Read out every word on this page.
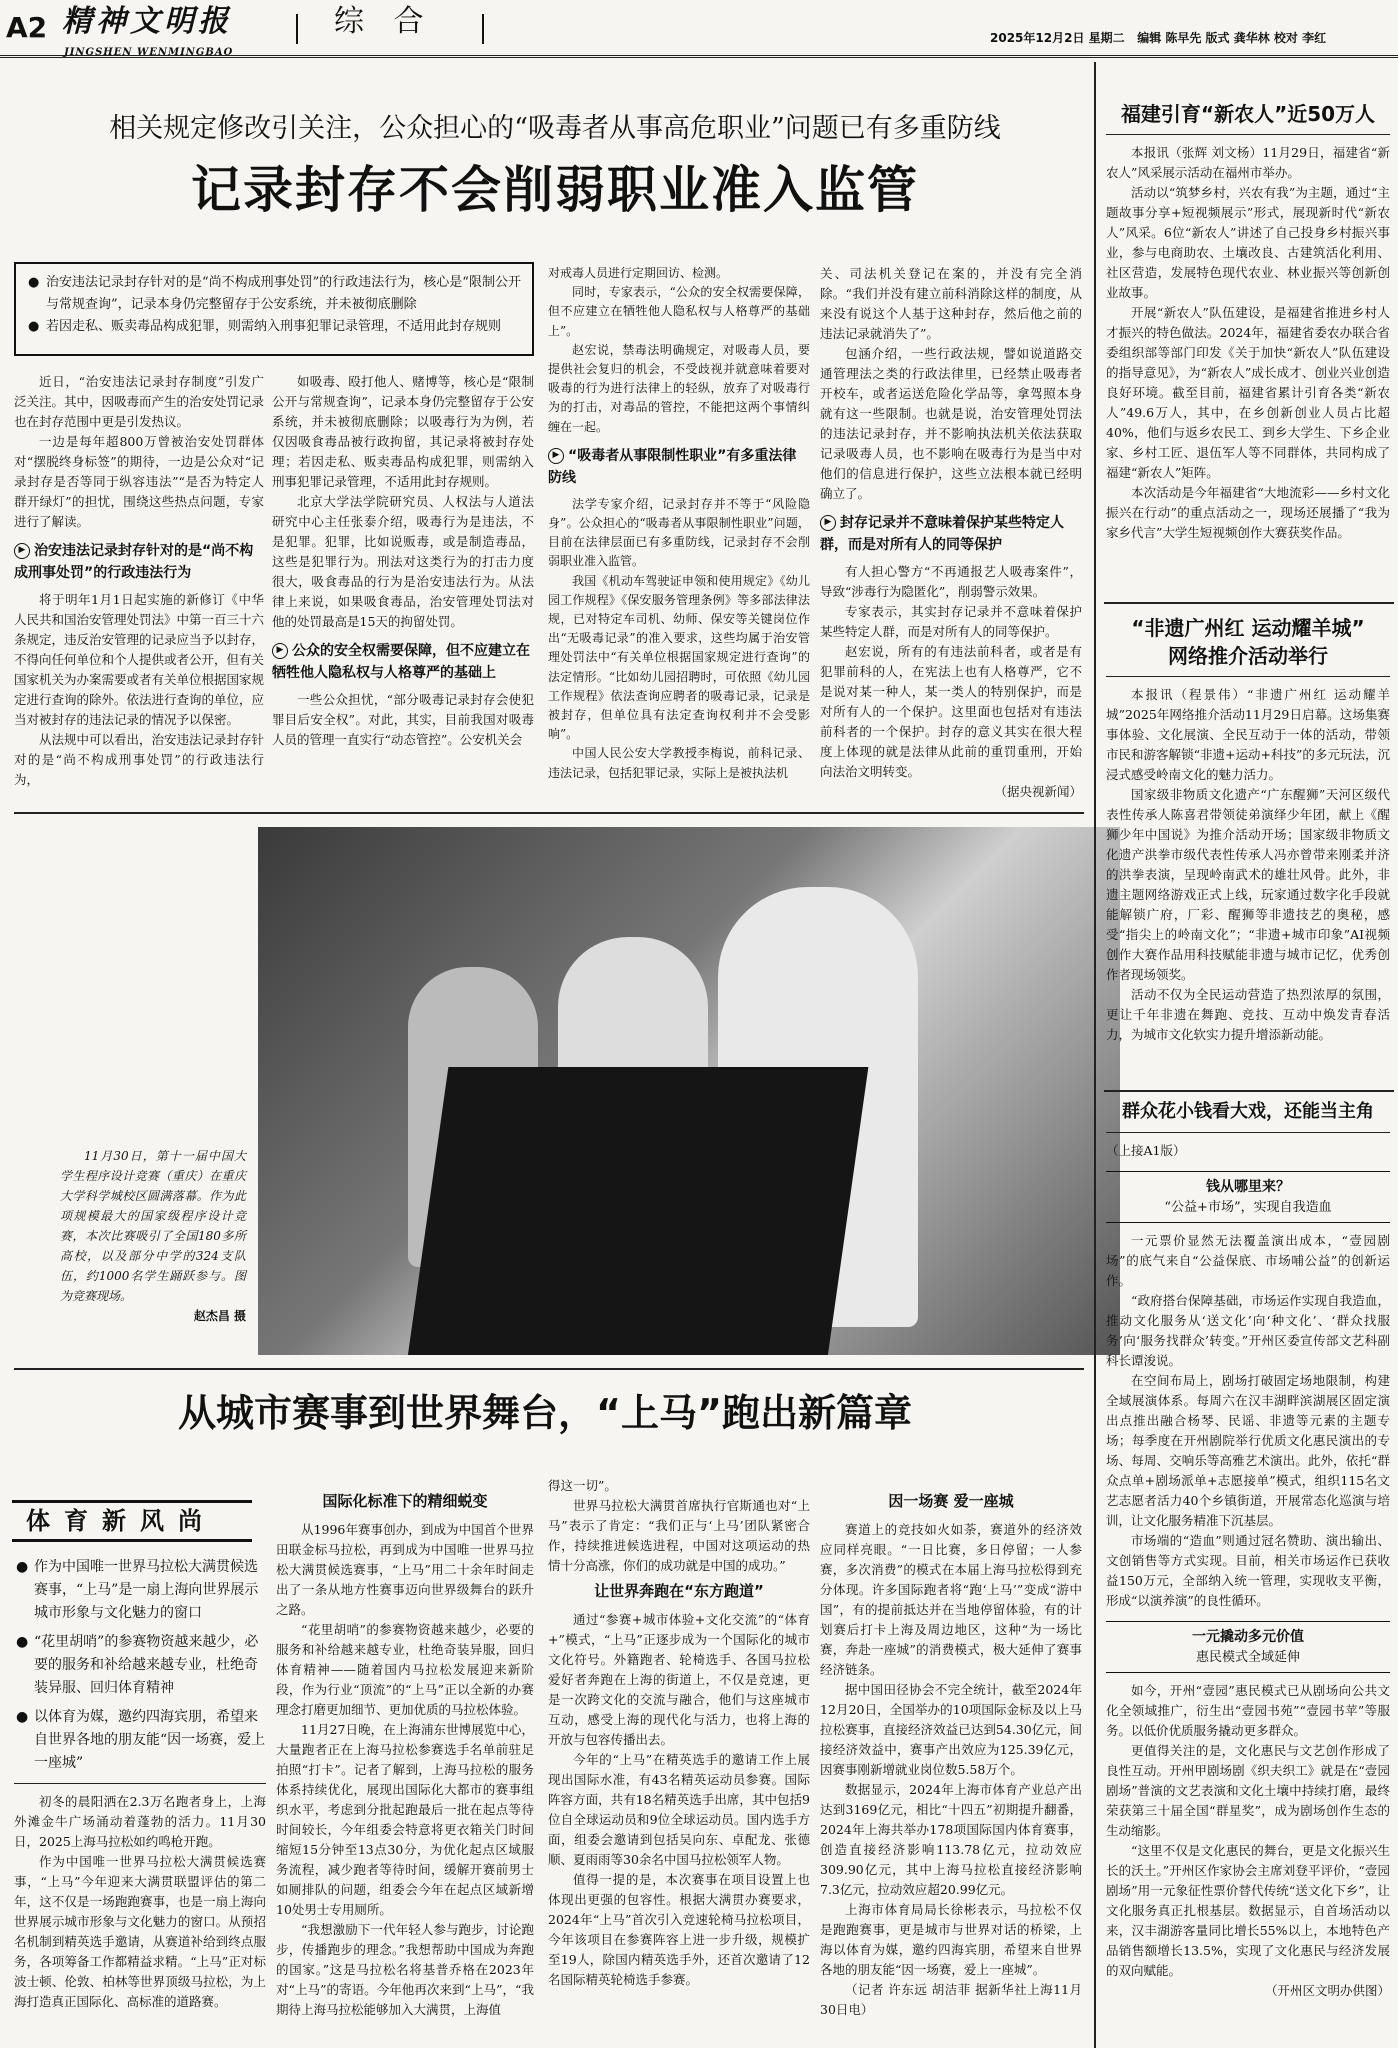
A2 精神文明报
JINGSHEN WENMINGBAO
综 合	2025年12月2日 星期二 编辑 陈早先 版式 龚华林 校对 李红
相关规定修改引关注，公众担心的“吸毒者从事高危职业”问题已有多重防线
记录封存不会削弱职业准入监管
● 治安违法记录封存针对的是“尚不构成刑事处罚”的行政违法行为，核心是“限制公开与常规查询”，记录本身仍完整留存于公安系统，并未被彻底删除
● 若因走私、贩卖毒品构成犯罪，则需纳入刑事犯罪记录管理，不适用此封存规则

近日，“治安违法记录封存制度”引发广泛关注。其中，因吸毒而产生的治安处罚记录也在封存范围中更是引发热议。

一边是每年超800万曾被治安处罚群体对“摆脱终身标签”的期待，一边是公众对“记录封存是否等同于纵容违法”“是否为特定人群开绿灯”的担忧，围绕这些热点问题，专家进行了解读。

▶ 治安违法记录封存针对的是“尚不构成刑事处罚”的行政违法行为

将于明年1月1日起实施的新修订《中华人民共和国治安管理处罚法》中第一百三十六条规定，违反治安管理的记录应当予以封存，不得向任何单位和个人提供或者公开，但有关国家机关为办案需要或者有关单位根据国家规定进行查询的除外。依法进行查询的单位，应当对被封存的违法记录的情况予以保密。

从法规中可以看出，治安违法记录封存针对的是“尚不构成刑事处罚”的行政违法行为，

如吸毒、殴打他人、赌博等，核心是“限制公开与常规查询”，记录本身仍完整留存于公安系统，并未被彻底删除；以吸毒行为为例，若仅因吸食毒品被行政拘留，其记录将被封存处理；若因走私、贩卖毒品构成犯罪，则需纳入刑事犯罪记录管理，不适用此封存规则。

北京大学法学院研究员、人权法与人道法研究中心主任张泰介绍，吸毒行为是违法，不是犯罪。犯罪，比如说贩毒，或是制造毒品，这些是犯罪行为。刑法对这类行为的打击力度很大，吸食毒品的行为是治安违法行为。从法律上来说，如果吸食毒品，治安管理处罚法对他的处罚最高是15天的拘留处罚。

▶ 公众的安全权需要保障，但不应建立在牺牲他人隐私权与人格尊严的基础上

一些公众担忧，“部分吸毒记录封存会使犯罪目后安全权”。对此，其实，目前我国对吸毒人员的管理一直实行“动态管控”。公安机关会

对戒毒人员进行定期回访、检测。

同时，专家表示，“公众的安全权需要保障，但不应建立在牺牲他人隐私权与人格尊严的基础上”。

赵宏说，禁毒法明确规定，对吸毒人员，要提供社会复归的机会，不受歧视并就意味着要对吸毒的行为进行法律上的轻纵，放弃了对吸毒行为的打击，对毒品的管控，不能把这两个事情纠缠在一起。

▶ “吸毒者从事限制性职业”有多重法律防线

法学专家介绍，记录封存并不等于“风险隐身”。公众担心的“吸毒者从事限制性职业”问题，目前在法律层面已有多重防线，记录封存不会削弱职业准入监管。

我国《机动车驾驶证申领和使用规定》《幼儿园工作规程》《保安服务管理条例》等多部法律法规，已对特定车司机、幼师、保安等关键岗位作出“无吸毒记录”的准入要求，这些均属于治安管理处罚法中“有关单位根据国家规定进行查询”的法定情形。“比如幼儿园招聘时，可依照《幼儿园工作规程》依法查询应聘者的吸毒记录，记录是被封存，但单位具有法定查询权利并不会受影响”。

中国人民公安大学教授李梅说，前科记录、违法记录，包括犯罪记录，实际上是被执法机

关、司法机关登记在案的，并没有完全消除。“我们并没有建立前科消除这样的制度，从来没有说这个人基于这种封存，然后他之前的违法记录就消失了”。

包涵介绍，一些行政法规，譬如说道路交通管理法之类的行政法律里，已经禁止吸毒者开校车，或者运送危险化学品等，拿驾照本身就有这一些限制。也就是说，治安管理处罚法的违法记录封存，并不影响执法机关依法获取记录吸毒人员，也不影响在吸毒行为是当中对他们的信息进行保护，这些立法根本就已经明确立了。

▶ 封存记录并不意味着保护某些特定人群，而是对所有人的同等保护

有人担心警方“不再通报艺人吸毒案件”，导致“涉毒行为隐匿化”，削弱警示效果。

专家表示，其实封存记录并不意味着保护某些特定人群，而是对所有人的同等保护。

赵宏说，所有的有违法前科者，或者是有犯罪前科的人，在宪法上也有人格尊严，它不是说对某一种人，某一类人的特别保护，而是对所有人的一个保护。这里面也包括对有违法前科者的一个保护。封存的意义其实在很大程度上体现的就是法律从此前的重罚重刑，开始向法治文明转变。

（据央视新闻）

11月30日，第十一届中国大学生程序设计竞赛（重庆）在重庆大学科学城校区圆满落幕。作为此项规模最大的国家级程序设计竞赛，本次比赛吸引了全国180多所高校，以及部分中学的324支队伍，约1000名学生踊跃参与。图为竞赛现场。
赵杰昌 摄
从城市赛事到世界舞台，“上马”跑出新篇章
体育新风尚
● 作为中国唯一世界马拉松大满贯候选赛事，“上马”是一扇上海向世界展示城市形象与文化魅力的窗口
● “花里胡哨”的参赛物资越来越少，必要的服务和补给越来越专业，杜绝奇装异服、回归体育精神
● 以体育为媒，邀约四海宾朋，希望来自世界各地的朋友能“因一场赛，爱上一座城”

初冬的晨阳洒在2.3万名跑者身上，上海外滩金牛广场涌动着蓬勃的活力。11月30日，2025上海马拉松如约鸣枪开跑。

作为中国唯一世界马拉松大满贯候选赛事，“上马”今年迎来大满贯联盟评估的第二年，这不仅是一场跑跑赛事，也是一扇上海向世界展示城市形象与文化魅力的窗口。从预招名机制到精英选手邀请，从赛道补给到终点服务，各项筹备工作都精益求精。“上马”正对标波士顿、伦敦、柏林等世界顶级马拉松，为上海打造真正国际化、高标准的道路赛。

国际化标准下的精细蜕变

从1996年赛事创办，到成为中国首个世界田联金标马拉松，再到成为中国唯一世界马拉松大满贯候选赛事，“上马”用二十余年时间走出了一条从地方性赛事迈向世界级舞台的跃升之路。

“花里胡哨”的参赛物资越来越少，必要的服务和补给越来越专业，杜绝奇装异服，回归体育精神——随着国内马拉松发展迎来新阶段，作为行业“顶流”的“上马”正以全新的办赛理念打磨更加细节、更加优质的马拉松体验。

11月27日晚，在上海浦东世博展览中心，大量跑者正在上海马拉松参赛选手名单前驻足拍照“打卡”。记者了解到，上海马拉松的服务体系持续优化，展现出国际化大都市的赛事组织水平，考虑到分批起跑最后一批在起点等待时间较长，今年组委会特意将更衣箱关门时间缩短15分钟至13点30分，为优化起点区域服务流程，减少跑者等待时间，缓解开赛前男士如厕排队的问题，组委会今年在起点区域新增10处男士专用厕所。

“我想激励下一代年轻人参与跑步，讨论跑步，传播跑步的理念。”我想帮助中国成为奔跑的国家。”这是马拉松名将基普乔格在2023年对“上马”的寄语。今年他再次来到“上马”，“我期待上海马拉松能够加入大满贯，上海值

得这一切”。

世界马拉松大满贯首席执行官斯通也对“上马”表示了肯定：“我们正与‘上马’团队紧密合作，持续推进候选进程，中国对这项运动的热情十分高涨，你们的成功就是中国的成功。”

让世界奔跑在“东方跑道”

通过“参赛+城市体验+文化交流”的“体育+”模式，“上马”正逐步成为一个国际化的城市文化符号。外籍跑者、轮椅选手、各国马拉松爱好者奔跑在上海的街道上，不仅是竞速，更是一次跨文化的交流与融合，他们与这座城市互动，感受上海的现代化与活力，也将上海的开放与包容传播出去。

今年的“上马”在精英选手的邀请工作上展现出国际水准，有43名精英运动员参赛。国际阵容方面，共有18名精英选手出席，其中包括9位自全球运动员和9位全球运动员。国内选手方面，组委会邀请到包括吴向东、卓配龙、张德顺、夏雨雨等30余名中国马拉松领军人物。

值得一提的是，本次赛事在项目设置上也体现出更强的包容性。根据大满贯办赛要求，2024年“上马”首次引入竞速轮椅马拉松项目，今年该项目在参赛阵容上进一步升级，规模扩至19人，除国内精英选手外，还首次邀请了12名国际精英轮椅选手参赛。

因一场赛 爱一座城

赛道上的竞技如火如荼，赛道外的经济效应同样亮眼。“一日比赛，多日停留；一人参赛，多次消费”的模式在本届上海马拉松得到充分体现。许多国际跑者将“跑‘上马’”变成“游中国”，有的提前抵达并在当地停留体验，有的计划赛后打卡上海及周边地区，这种“为一场比赛，奔赴一座城”的消费模式，极大延伸了赛事经济链条。

据中国田径协会不完全统计，截至2024年12月20日，全国举办的10项国际金标及以上马拉松赛事，直接经济效益已达到54.30亿元，间接经济效益中，赛事产出效应为125.39亿元，因赛事刚新增就业岗位数5.58万个。

数据显示，2024年上海市体育产业总产出达到3169亿元，相比“十四五”初期提升翻番，2024年上海共举办178项国际国内体育赛事，创造直接经济影响113.78亿元，拉动效应309.90亿元，其中上海马拉松直接经济影响7.3亿元，拉动效应超20.99亿元。

上海市体育局局长徐彬表示，马拉松不仅是跑跑赛事，更是城市与世界对话的桥梁，上海以体育为媒，邀约四海宾朋，希望来自世界各地的朋友能“因一场赛，爱上一座城”。

（记者 许东远 胡洁菲 据新华社上海11月30日电）

福建引育“新农人”近50万人

本报讯（张辉 刘文杨）11月29日，福建省“新农人”风采展示活动在福州市举办。

活动以“筑梦乡村，兴农有我”为主题，通过“主题故事分享+短视频展示”形式，展现新时代“新农人”风采。6位“新农人”讲述了自己投身乡村振兴事业，参与电商助农、土壤改良、古建筑活化利用、社区营造，发展特色现代农业、林业振兴等创新创业故事。

开展“新农人”队伍建设，是福建省推进乡村人才振兴的特色做法。2024年，福建省委农办联合省委组织部等部门印发《关于加快“新农人”队伍建设的指导意见》，为“新农人”成长成才、创业兴业创造良好环境。截至目前，福建省累计引育各类“新农人”49.6万人，其中，在乡创新创业人员占比超40%，他们与返乡农民工、到乡大学生、下乡企业家、乡村工匠、退伍军人等不同群体，共同构成了福建“新农人”矩阵。

本次活动是今年福建省“大地流彩——乡村文化振兴在行动”的重点活动之一，现场还展播了“我为家乡代言”大学生短视频创作大赛获奖作品。

“非遗广州红 运动耀羊城”
网络推介活动举行

本报讯（程景伟）“非遗广州红 运动耀羊城”2025年网络推介活动11月29日启幕。这场集赛事体验、文化展演、全民互动于一体的活动，带领市民和游客解锁“非遗+运动+科技”的多元玩法，沉浸式感受岭南文化的魅力活力。

国家级非物质文化遗产“广东醒狮”天河区级代表性传承人陈喜君带领徒弟演绎少年团，献上《醒狮少年中国说》为推介活动开场；国家级非物质文化遗产洪拳市级代表性传承人冯亦曾带来刚柔并济的洪拳表演，呈现岭南武术的雄壮风骨。此外，非遗主题网络游戏正式上线，玩家通过数字化手段就能解锁广府，厂彩、醒狮等非遗技艺的奥秘，感受“指尖上的岭南文化”；“非遗+城市印象”AI视频创作大赛作品用科技赋能非遗与城市记忆，优秀创作者现场领奖。

活动不仅为全民运动营造了热烈浓厚的氛围，更让千年非遗在舞跑、竞技、互动中焕发青春活力，为城市文化软实力提升增添新动能。

群众花小钱看大戏，还能当主角

（上接A1版）

钱从哪里来？
“公益+市场”，实现自我造血

一元票价显然无法覆盖演出成本，“壹园剧场”的底气来自“公益保底、市场哺公益”的创新运作。

“政府搭台保障基础，市场运作实现自我造血，推动文化服务从‘送文化’向‘种文化’、‘群众找服务’向‘服务找群众’转变。”开州区委宣传部文艺科副科长谭浚说。

在空间布局上，剧场打破固定场地限制，构建全域展演体系。每周六在汉丰湖畔滨湖展区固定演出点推出融合杨琴、民谣、非遗等元素的主题专场；每季度在开州剧院举行优质文化惠民演出的专场、每周、交响乐等高雅艺术演出。此外，依托“群众点单+剧场派单+志愿接单”模式，组织115名文艺志愿者活力40个乡镇街道，开展常态化巡演与培训，让文化服务精准下沉基层。

市场端的“造血”则通过冠名赞助、演出输出、文创销售等方式实现。目前，相关市场运作已获收益150万元，全部纳入统一管理，实现收支平衡，形成“以演养演”的良性循环。

一元撬动多元价值
惠民模式全域延伸

如今，开州“壹园”惠民模式已从剧场向公共文化全领域推广，衍生出“壹园书苑”“壹园书苹”等服务。以低价优质服务撬动更多群众。

更值得关注的是，文化惠民与文艺创作形成了良性互动。开州甲剧场剧《织夫织工》就是在“壹园剧场”普演的文艺表演和文化土壤中持续打磨，最终荣获第三十届全国“群星奖”，成为剧场创作生态的生动缩影。

“这里不仅是文化惠民的舞台，更是文化振兴生长的沃土。”开州区作家协会主席刘登平评价，“壹园剧场”用一元象征性票价替代传统“送文化下乡”，让文化服务真正扎根基层。数据显示，自首场活动以来，汉丰湖游客量同比增长55%以上，本地特色产品销售额增长13.5%，实现了文化惠民与经济发展的双向赋能。

（开州区文明办供图）
